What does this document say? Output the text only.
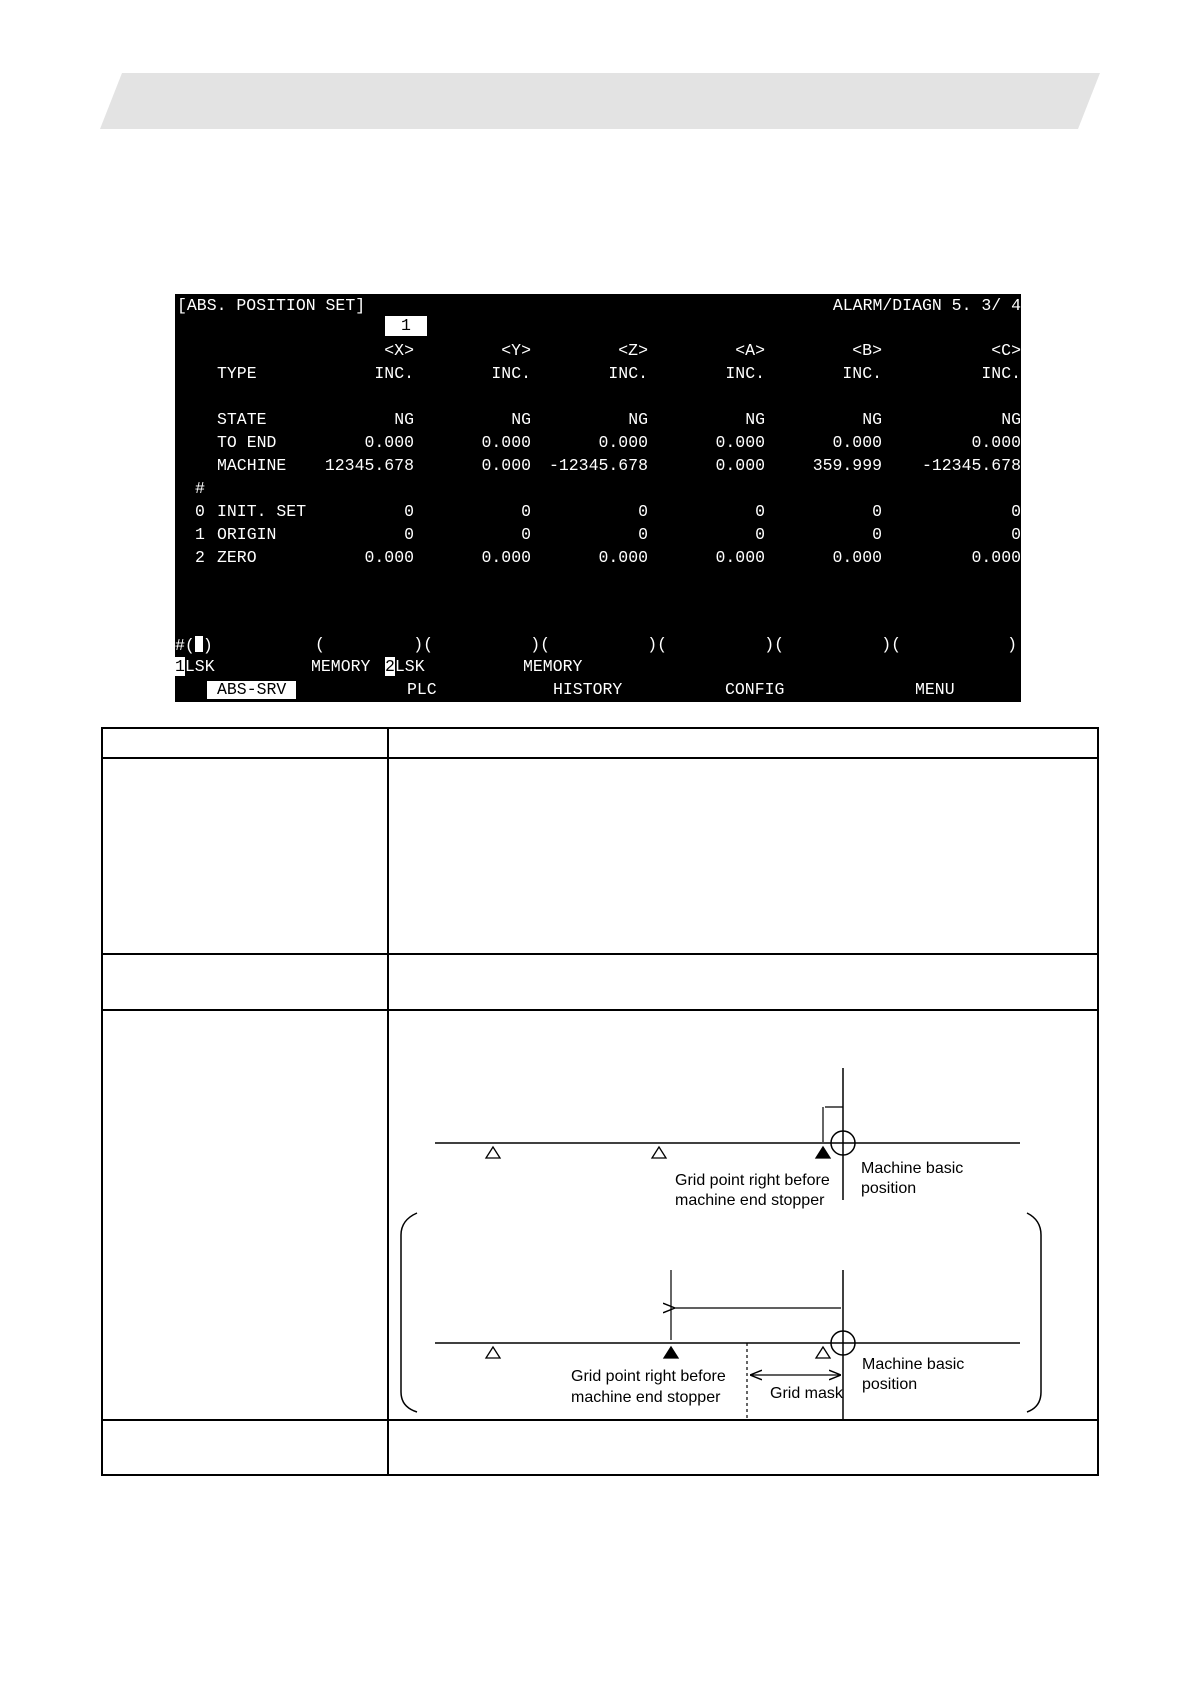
[ABS. POSITION SET]	ALARM/DIAGN 5. 3/ 4
1
<X>	<Y>	<Z>	<A>	<B>	<C>
TYPE	INC.	INC.	INC.	INC.	INC.	INC.
STATE	NG	NG	NG	NG	NG	NG
TO END	0.000	0.000	0.000	0.000	0.000	0.000
MACHINE 12345.678	0.000 -12345.678	0.000	359.999 -12345.678
#
0 INIT. SET	0	0	0	0	0	0
1 ORIGIN	0	0	0	0	0	0
2 ZERO	0.000	0.000	0.000	0.000	0.000	0.000
#( )	(	)(	)(	)(	)(	)(	)
1LSK	MEMORY 2LSK	MEMORY
ABS-SRV	PLC	HISTORY	CONFIG	MENU
Machine basic
position
Grid point right before
machine end stopper
Machine basic
position
Grid mask
Grid point right before
machine end stopper
